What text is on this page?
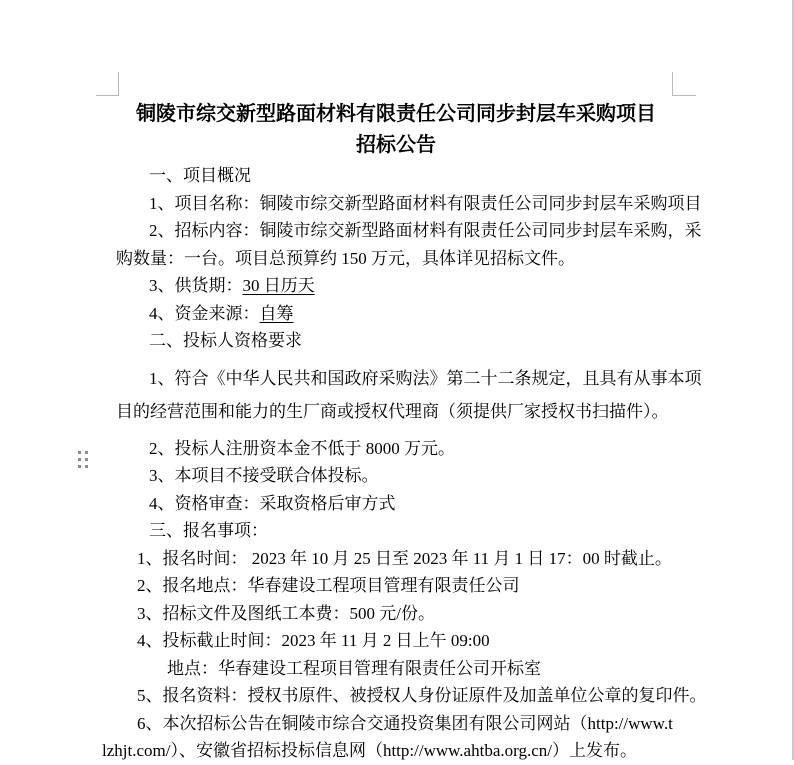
铜陵市综交新型路面材料有限责任公司同步封层车采购项目
招标公告
一、项目概况
1、项目名称：铜陵市综交新型路面材料有限责任公司同步封层车采购项目
2、招标内容：铜陵市综交新型路面材料有限责任公司同步封层车采购，采
购数量：一台。项目总预算约 150 万元，具体详见招标文件。
3、供货期：30 日历天
4、资金来源：自筹
二、投标人资格要求
1、符合《中华人民共和国政府采购法》第二十二条规定，且具有从事本项
目的经营范围和能力的生厂商或授权代理商（须提供厂家授权书扫描件）。
2、投标人注册资本金不低于 8000 万元。
3、本项目不接受联合体投标。
4、资格审查：采取资格后审方式
三、报名事项：
1、报名时间： 2023 年 10 月 25 日至 2023 年 11 月 1 日 17：00 时截止。
2、报名地点：华春建设工程项目管理有限责任公司
3、招标文件及图纸工本费：500 元/份。
4、投标截止时间：2023 年 11 月 2 日上午 09:00
地点：华春建设工程项目管理有限责任公司开标室
5、报名资料：授权书原件、被授权人身份证原件及加盖单位公章的复印件。
6、本次招标公告在铜陵市综合交通投资集团有限公司网站（http://www.t
lzhjt.com/）、安徽省招标投标信息网（http://www.ahtba.org.cn/）上发布。
